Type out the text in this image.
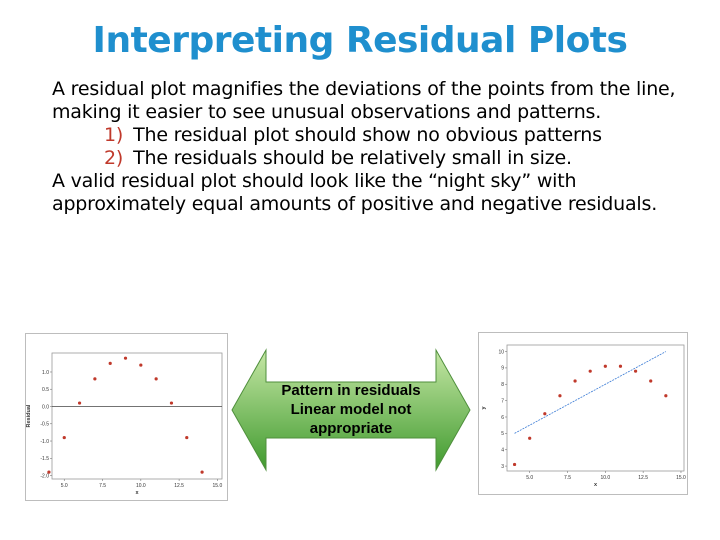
Interpreting Residual Plots

A residual plot magnifies the deviations of the points from the line, making it easier to see unusual observations and patterns.

1) The residual plot should show no obvious patterns

2) The residuals should be relatively small in size.

A valid residual plot should look like the “night sky” with approximately equal amounts of positive and negative residuals.

1.0
0.5
0.0
-0.5
-1.0
-1.5
-2.0
5.0	7.5	10.0	12.5	15.0
x
Residual
Pattern in residuals
Linear model not
appropriate
3
4
5
6
7
8
9
10
5.0	7.5	10.0	12.5	15.0
x
y
